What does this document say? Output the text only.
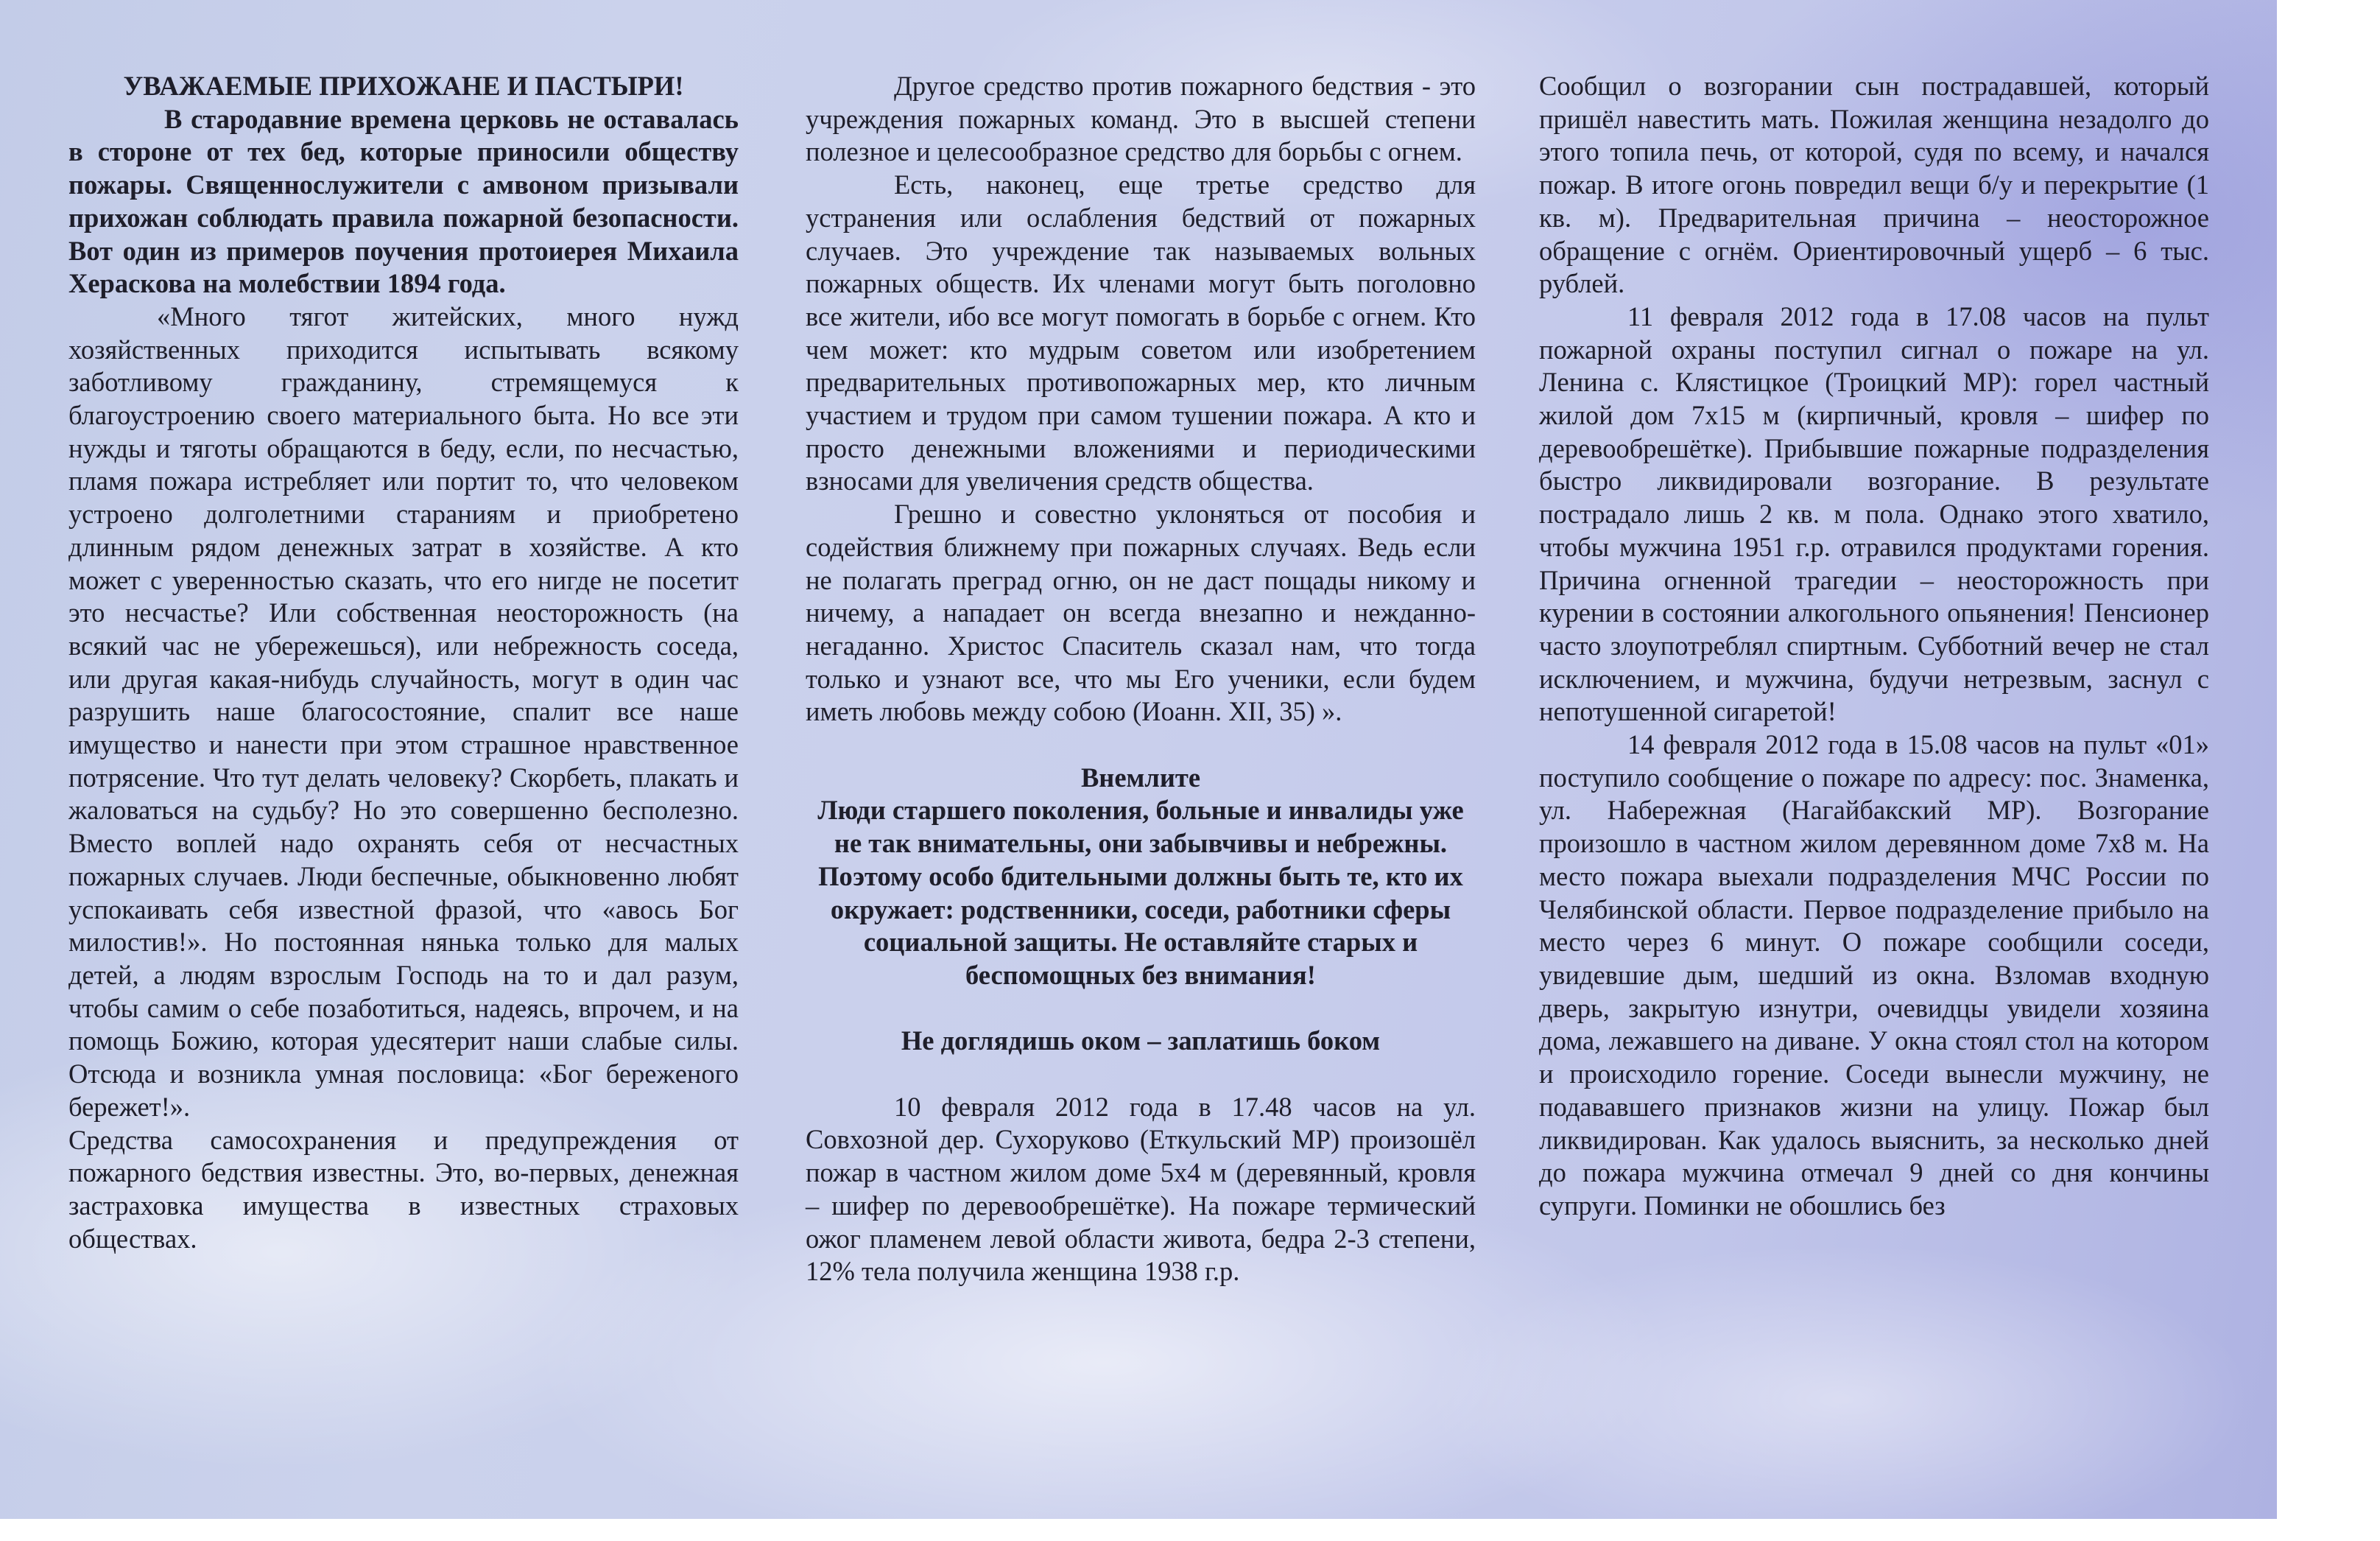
УВАЖАЕМЫЕ ПРИХОЖАНЕ И ПАСТЫРИ!

В стародавние времена церковь не оставалась в стороне от тех бед, которые приносили обществу пожары. Священнослужители с амвоном призывали прихожан соблюдать правила пожарной безопасности. Вот один из примеров поучения протоиерея Михаила Хераскова на молебствии 1894 года.

«Много тягот житейских, много нужд хозяйственных приходится испытывать всякому заботливому гражданину, стремящемуся к благоустроению своего материального быта. Но все эти нужды и тяготы обращаются в беду, если, по несчастью, пламя пожара истребляет или портит то, что человеком устроено долголетними стараниям и приобретено длинным рядом денежных затрат в хозяйстве. А кто может с уверенностью сказать, что его нигде не посетит это несчастье? Или собственная неосторожность (на всякий час не убережешься), или небрежность соседа, или другая какая-нибудь случайность, могут в один час разрушить наше благосостояние, спалит все наше имущество и нанести при этом страшное нравственное потрясение. Что тут делать человеку? Скорбеть, плакать и жаловаться на судьбу? Но это совершенно бесполезно. Вместо воплей надо охранять себя от несчастных пожарных случаев. Люди беспечные, обыкновенно любят успокаивать себя известной фразой, что «авось Бог милостив!». Но постоянная нянька только для малых детей, а людям взрослым Господь на то и дал разум, чтобы самим о себе позаботиться, надеясь, впрочем, и на помощь Божию, которая удесятерит наши слабые силы. Отсюда и возникла умная пословица: «Бог бережeного бережет!».

Средства самосохранения и предупреждения от пожарного бедствия известны. Это, во-первых, денежная застраховка имущества в известных страховых обществах.

Другое средство против пожарного бедствия - это учреждения пожарных команд. Это в высшей степени полезное и целесообразное средство для борьбы с огнем.

Есть, наконец, еще третье средство для устранения или ослабления бедствий от пожарных случаев. Это учреждение так называемых вольных пожарных обществ. Их членами могут быть поголовно все жители, ибо все могут помогать в борьбе с огнем. Кто чем может: кто мудрым советом или изобретением предварительных противопожарных мер, кто личным участием и трудом при самом тушении пожара. А кто и просто денежными вложениями и периодическими взносами для увеличения средств общества.

Грешно и совестно уклоняться от пособия и содействия ближнему при пожарных случаях. Ведь если не полагать преград огню, он не даст пощады никому и ничему, а нападает он всегда внезапно и нежданно-негаданно. Христос Спаситель сказал нам, что тогда только и узнают все, что мы Его ученики, если будем иметь любовь между собою (Иоанн. XII, 35) ».

Внемлите

Люди старшего поколения, больные и инвалиды уже не так внимательны, они забывчивы и небрежны. Поэтому особо бдительными должны быть те, кто их окружает: родственники, соседи, работники сферы социальной защиты. Не оставляйте старых и беспомощных без внимания!

Не доглядишь оком – заплатишь боком

10 февраля 2012 года в 17.48 часов на ул. Совхозной дер. Сухоруково (Еткульский МР) произошёл пожар в частном жилом доме 5х4 м (деревянный, кровля – шифер по деревообрешётке). На пожаре термический ожог пламенем левой области живота, бедра 2-3 степени, 12% тела получила женщина 1938 г.р.

Сообщил о возгорании сын пострадавшей, который пришёл навестить мать. Пожилая женщина незадолго до этого топила печь, от которой, судя по всему, и начался пожар. В итоге огонь повредил вещи б/у и перекрытие (1 кв. м). Предварительная причина – неосторожное обращение с огнём. Ориентировочный ущерб – 6 тыс. рублей.

11 февраля 2012 года в 17.08 часов на пульт пожарной охраны поступил сигнал о пожаре на ул. Ленина с. Клястицкое (Троицкий МР): горел частный жилой дом 7х15 м (кирпичный, кровля – шифер по деревообрешётке). Прибывшие пожарные подразделения быстро ликвидировали возгорание. В результате пострадало лишь 2 кв. м пола. Однако этого хватило, чтобы мужчина 1951 г.р. отравился продуктами горения. Причина огненной трагедии – неосторожность при курении в состоянии алкогольного опьянения! Пенсионер часто злоупотреблял спиртным. Субботний вечер не стал исключением, и мужчина, будучи нетрезвым, заснул с непотушенной сигаретой!

14 февраля 2012 года в 15.08 часов на пульт «01» поступило сообщение о пожаре по адресу: пос. Знаменка, ул. Набережная (Нагайбакский МР). Возгорание произошло в частном жилом деревянном доме 7х8 м. На место пожара выехали подразделения МЧС России по Челябинской области. Первое подразделение прибыло на место через 6 минут. О пожаре сообщили соседи, увидевшие дым, шедший из окна. Взломав входную дверь, закрытую изнутри, очевидцы увидели хозяина дома, лежавшего на диване. У окна стоял стол на котором и происходило горение. Соседи вынесли мужчину, не подававшего признаков жизни на улицу. Пожар был ликвидирован. Как удалось выяснить, за несколько дней до пожара мужчина отмечал 9 дней со дня кончины супруги. Поминки не обошлись без
